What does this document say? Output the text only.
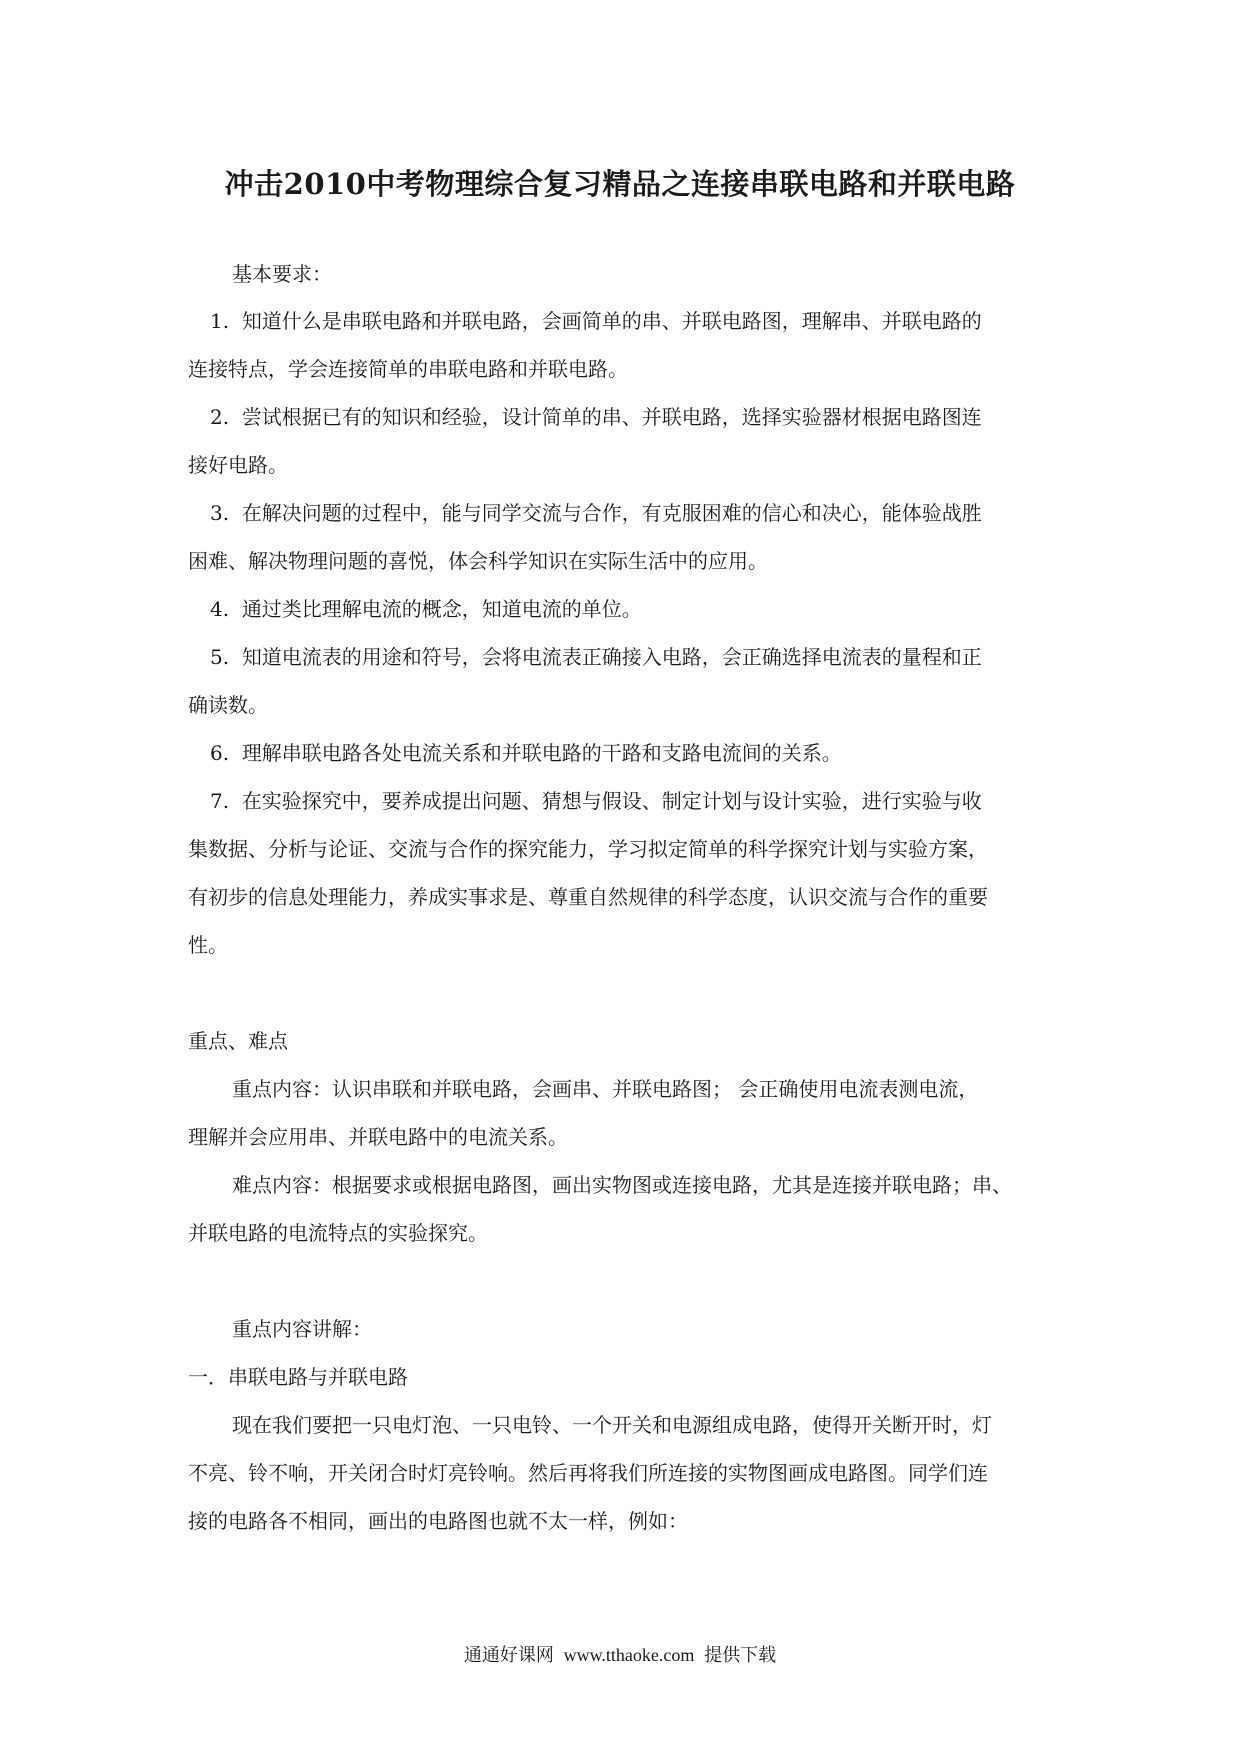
冲击2010中考物理综合复习精品之连接串联电路和并联电路
基本要求：
1. 知道什么是串联电路和并联电路，会画简单的串、并联电路图，理解串、并联电路的
连接特点，学会连接简单的串联电路和并联电路。
2. 尝试根据已有的知识和经验，设计简单的串、并联电路，选择实验器材根据电路图连
接好电路。
3. 在解决问题的过程中，能与同学交流与合作，有克服困难的信心和决心，能体验战胜
困难、解决物理问题的喜悦，体会科学知识在实际生活中的应用。
4. 通过类比理解电流的概念，知道电流的单位。
5. 知道电流表的用途和符号，会将电流表正确接入电路，会正确选择电流表的量程和正
确读数。
6. 理解串联电路各处电流关系和并联电路的干路和支路电流间的关系。
7. 在实验探究中，要养成提出问题、猜想与假设、制定计划与设计实验，进行实验与收
集数据、分析与论证、交流与合作的探究能力，学习拟定简单的科学探究计划与实验方案，
有初步的信息处理能力，养成实事求是、尊重自然规律的科学态度，认识交流与合作的重要
性。
重点、难点
重点内容：认识串联和并联电路，会画串、并联电路图； 会正确使用电流表测电流，
理解并会应用串、并联电路中的电流关系。
难点内容：根据要求或根据电路图，画出实物图或连接电路，尤其是连接并联电路；串、
并联电路的电流特点的实验探究。
重点内容讲解：
一．串联电路与并联电路
现在我们要把一只电灯泡、一只电铃、一个开关和电源组成电路，使得开关断开时，灯
不亮、铃不响，开关闭合时灯亮铃响。然后再将我们所连接的实物图画成电路图。同学们连
接的电路各不相同，画出的电路图也就不太一样，例如：
通通好课网 www.tthaoke.com 提供下载
